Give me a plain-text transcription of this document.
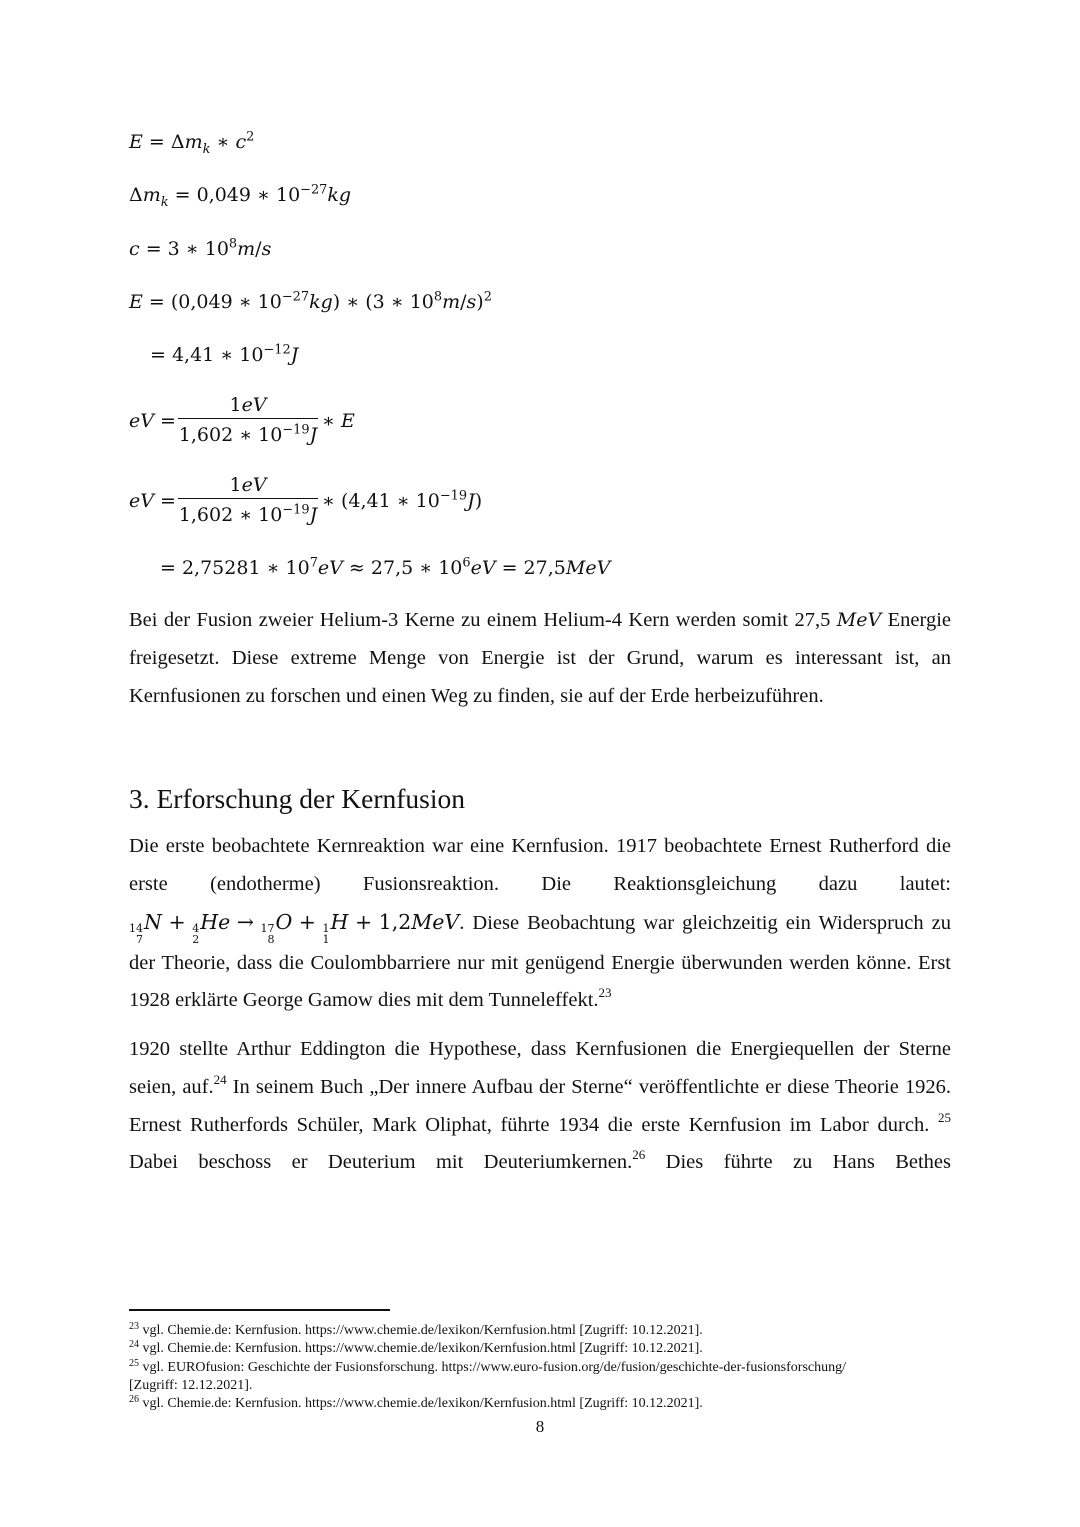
$E = \Delta m_k$ ∗ $c^2$
$\Delta m_k = 0,049$ ∗ $10^{-27}kg$
c = 3 ∗ $10^8m/s$
E = (0,049 ∗ $10^{-27}kg$) ∗ (3 ∗ $10^8m/s)^2$
= 4,41 ∗ $10^{-12}J$
eV =
1eV
1,602 ∗ $10^{-19}J$
∗ E
eV =
1eV
1,602 ∗ $10^{-19}J$
∗ (4,41 ∗ $10^{-19}J$)
= 2,75281 ∗ $10^7eV \approx 27,5$ ∗ $10^6eV = 27,5MeV$
Bei der Fusion zweier Helium-3 Kerne zu einem Helium-4 Kern werden somit 27,5 MeV Energie freigesetzt. Diese extreme Menge von Energie ist der Grund, warum es interessant ist, an Kernfusionen zu forschen und einen Weg zu finden, sie auf der Erde herbeizuführen.
3. Erforschung der Kernfusion
Die erste beobachtete Kernreaktion war eine Kernfusion. 1917 beobachtete Ernest Rutherford die erste (endotherme) Fusionsreaktion. Die Reaktionsgleichung dazu lautet:
14
7
N + 4
2
He → 17
8
O + 1
1
H + 1,2MeV. Diese Beobachtung war gleichzeitig ein Widerspruch zu der Theorie, dass die Coulombbarriere nur mit genügend Energie überwunden werden könne. Erst 1928 erklärte George Gamow dies mit dem Tunneleffekt.$^{23}$
1920 stellte Arthur Eddington die Hypothese, dass Kernfusionen die Energiequellen der Sterne seien, auf.$^{24}$ In seinem Buch „Der innere Aufbau der Sterne“ veröffentlichte er diese Theorie 1926. Ernest Rutherfords Schüler, Mark Oliphat, führte 1934 die erste Kernfusion im Labor durch. $^{25}$ Dabei beschoss er Deuterium mit Deuteriumkernen.$^{26}$ Dies führte zu Hans Bethes

$^{23}$ vgl. Chemie.de: Kernfusion. https://www.chemie.de/lexikon/Kernfusion.html [Zugriff: 10.12.2021].

$^{24}$ vgl. Chemie.de: Kernfusion. https://www.chemie.de/lexikon/Kernfusion.html [Zugriff: 10.12.2021].

$^{25}$ vgl. EUROfusion: Geschichte der Fusionsforschung. https://www.euro-fusion.org/de/fusion/geschichte-der-fusionsforschung/ [Zugriff: 12.12.2021].

$^{26}$ vgl. Chemie.de: Kernfusion. https://www.chemie.de/lexikon/Kernfusion.html [Zugriff: 10.12.2021].

8
